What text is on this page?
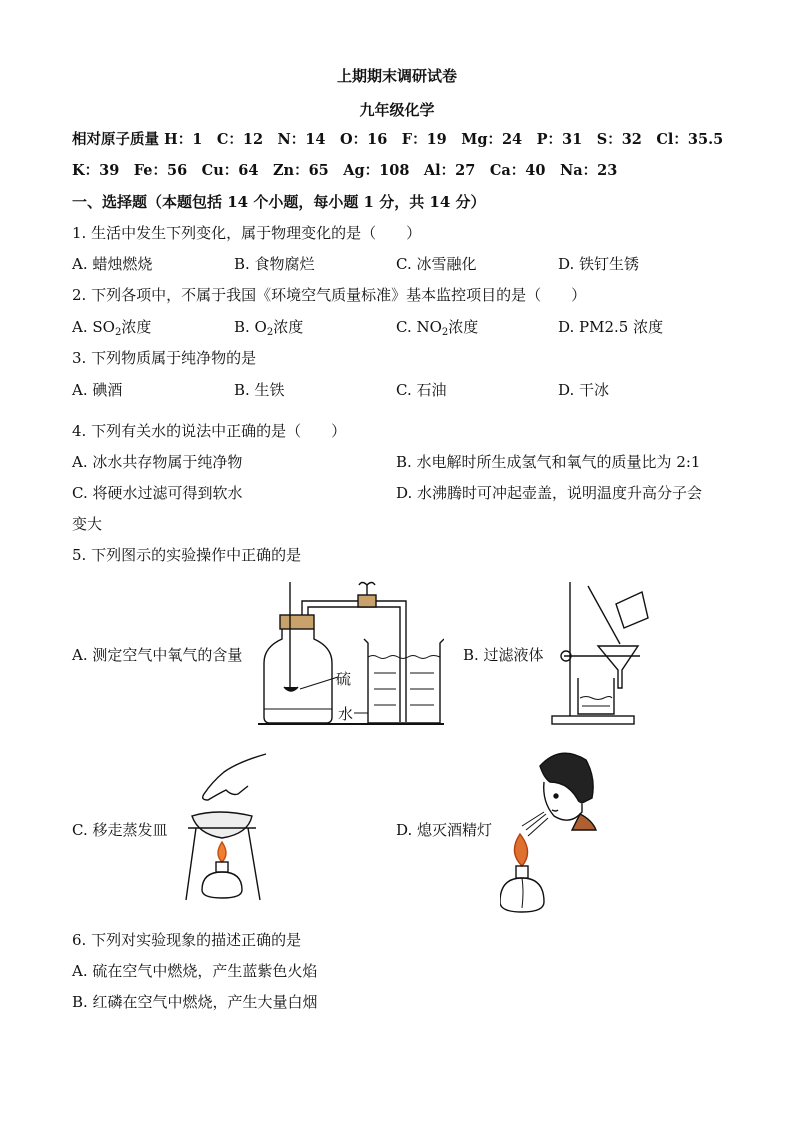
上期期末调研试卷
九年级化学
相对原子质量 H：1　C：12　N：14　O：16　F：19　Mg：24　P：31　S：32　Cl：35.5
K：39　Fe：56　Cu：64　Zn：65　Ag：108　Al：27　Ca：40　Na：23
一、选择题（本题包括 14 个小题，每小题 1 分，共 14 分）
1. 生活中发生下列变化，属于物理变化的是（　　）
A. 蜡烛燃烧	B. 食物腐烂	C. 冰雪融化	D. 铁钉生锈
2. 下列各项中，不属于我国《环境空气质量标准》基本监控项目的是（　　）
A. $SO_2$浓度	B. $O_2$浓度	C. $NO_2$浓度	D. PM2.5 浓度
3. 下列物质属于纯净物的是
A. 碘酒	B. 生铁	C. 石油	D. 干冰
4. 下列有关水的说法中正确的是（　　）
A. 冰水共存物属于纯净物	B. 水电解时所生成氢气和氧气的质量比为 2:1
C. 将硬水过滤可得到软水	D. 水沸腾时可冲起壶盖，说明温度升高分子会
变大
5. 下列图示的实验操作中正确的是
A. 测定空气中氧气的含量	B. 过滤液体
C. 移走蒸发皿	D. 熄灭酒精灯
硫
水
6. 下列对实验现象的描述正确的是
A. 硫在空气中燃烧，产生蓝紫色火焰
B. 红磷在空气中燃烧，产生大量白烟
